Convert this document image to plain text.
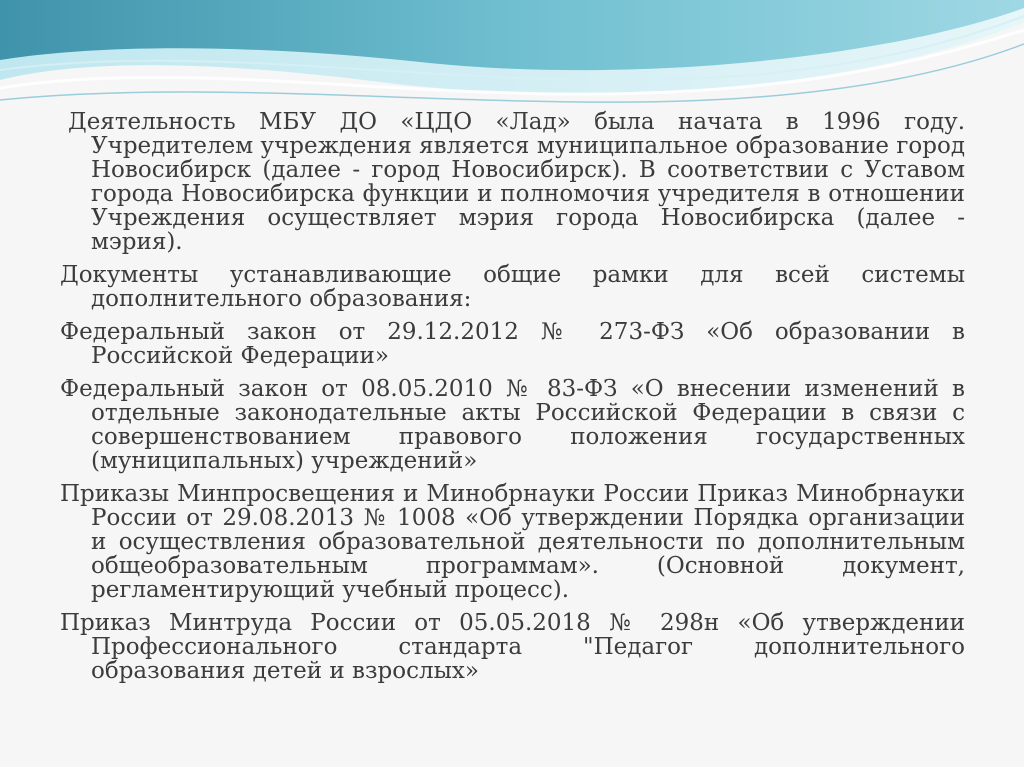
Деятельность МБУ ДО «ЦДО «Лад» была начата в 1996 году. Учредителем учреждения является муниципальное образование город Новосибирск (далее - город Новосибирск). В соответствии с Уставом города Новосибирска функции и полномочия учредителя в отношении Учреждения осуществляет мэрия города Новосибирска (далее - мэрия).

Документы устанавливающие общие рамки для всей системы дополнительного образования:

Федеральный закон от 29.12.2012 № 273-ФЗ «Об образовании в Российской Федерации»

Федеральный закон от 08.05.2010 № 83-ФЗ «О внесении изменений в отдельные законодательные акты Российской Федерации в связи с совершенствованием правового положения государственных (муниципальных) учреждений»

Приказы Минпросвещения и Минобрнауки России Приказ Минобрнауки России от 29.08.2013 № 1008 «Об утверждении Порядка организации и осуществления образовательной деятельности по дополнительным общеобразовательным программам». (Основной документ, регламентирующий учебный процесс).

Приказ Минтруда России от 05.05.2018 № 298н «Об утверждении Профессионального стандарта "Педагог дополнительного образования детей и взрослых»
